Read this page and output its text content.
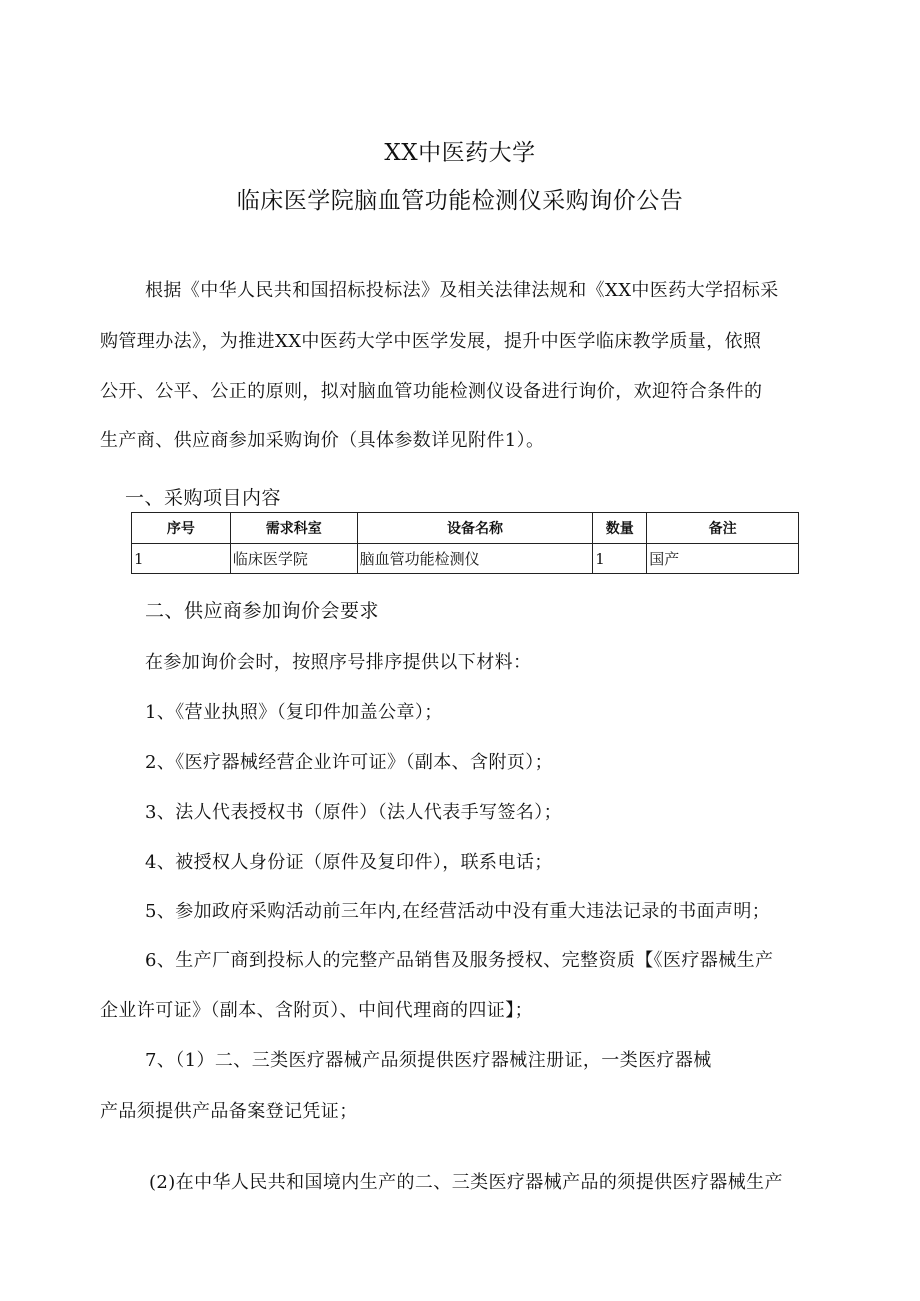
XX中医药大学
临床医学院脑血管功能检测仪采购询价公告
根据《中华人民共和国招标投标法》及相关法律法规和《XX中医药大学招标采
购管理办法》，为推进XX中医药大学中医学发展，提升中医学临床教学质量，依照
公开、公平、公正的原则，拟对脑血管功能检测仪设备进行询价，欢迎符合条件的
生产商、供应商参加采购询价（具体参数详见附件1）。
一、采购项目内容
序号	需求科室	设备名称	数量	备注
1	临床医学院	脑血管功能检测仪	1	国产
二、供应商参加询价会要求
在参加询价会时，按照序号排序提供以下材料：
1、《营业执照》（复印件加盖公章）；
2、《医疗器械经营企业许可证》（副本、含附页）；
3、法人代表授权书（原件）（法人代表手写签名）；
4、被授权人身份证（原件及复印件），联系电话；
5、参加政府采购活动前三年内,在经营活动中没有重大违法记录的书面声明；
6、生产厂商到投标人的完整产品销售及服务授权、完整资质【《医疗器械生产
企业许可证》（副本、含附页）、中间代理商的四证】；
7、（1）二、三类医疗器械产品须提供医疗器械注册证，一类医疗器械
产品须提供产品备案登记凭证；
(2)在中华人民共和国境内生产的二、三类医疗器械产品的须提供医疗器械生产
